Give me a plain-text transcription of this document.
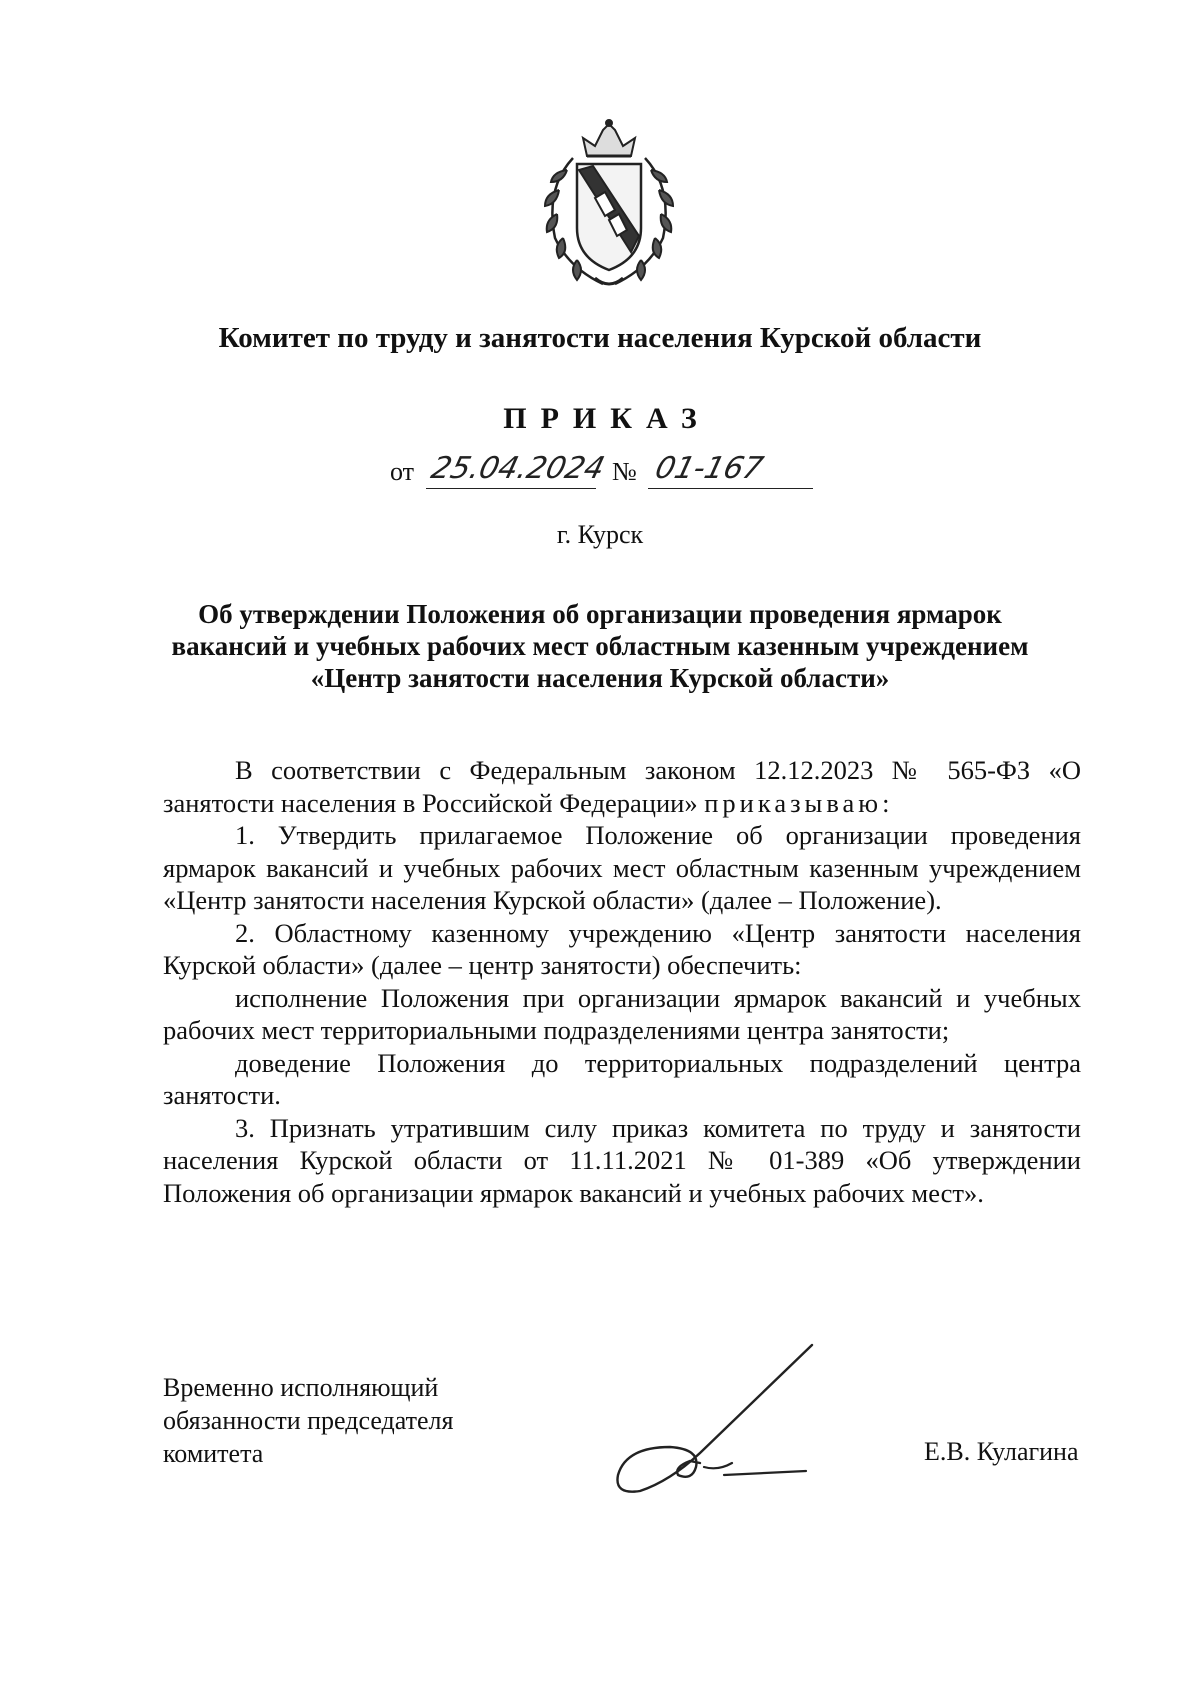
Комитет по труду и занятости населения Курской области
ПРИКАЗ
от 25.04.2024 № 01-167
г. Курск
Об утверждении Положения об организации проведения ярмарок
вакансий и учебных рабочих мест областным казенным учреждением
«Центр занятости населения Курской области»

В соответствии с Федеральным законом 12.12.2023 № 565-ФЗ «О занятости населения в Российской Федерации» приказываю:

1. Утвердить прилагаемое Положение об организации проведения ярмарок вакансий и учебных рабочих мест областным казенным учреждением «Центр занятости населения Курской области» (далее – Положение).

2. Областному казенному учреждению «Центр занятости населения Курской области» (далее – центр занятости) обеспечить:

исполнение Положения при организации ярмарок вакансий и учебных рабочих мест территориальными подразделениями центра занятости;

доведение Положения до территориальных подразделений центра занятости.

3. Признать утратившим силу приказ комитета по труду и занятости населения Курской области от 11.11.2021 № 01-389 «Об утверждении Положения об организации ярмарок вакансий и учебных рабочих мест».

Временно исполняющий
обязанности председателя
комитета	Е.В. Кулагина
